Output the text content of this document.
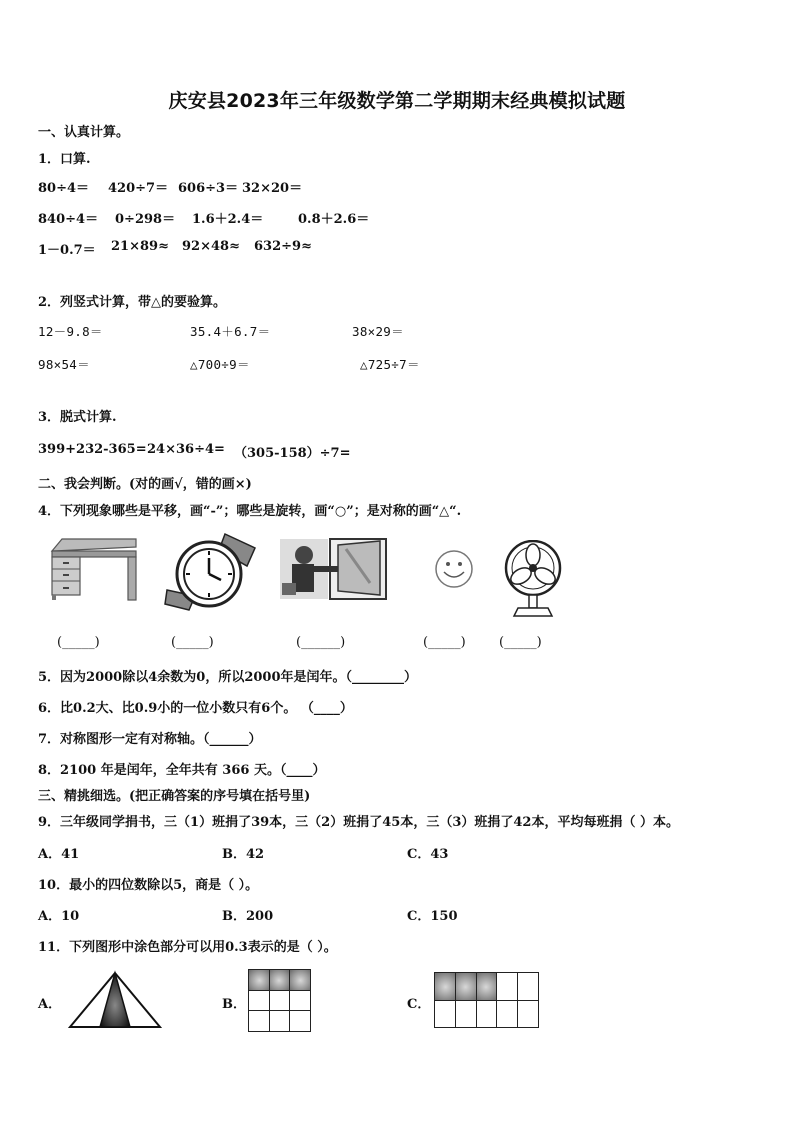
庆安县2023年三年级数学第二学期期末经典模拟试题
一、认真计算。
1．口算.
80÷4＝ 420÷7＝ 606÷3＝ 32×20＝
840÷4＝ 0÷298＝ 1.6＋2.4＝	0.8＋2.6＝
1－0.7＝ 21×89≈ 92×48≈ 632÷9≈
2．列竖式计算，带△的要验算。
12－9.8＝	35.4＋6.7＝	38×29＝
98×54＝	△700÷9＝	△725÷7＝
3．脱式计算.
399+232-365= 24×36÷4= （305-158）÷7=
二、我会判断。(对的画√，错的画×)
4．下列现象哪些是平移，画“-”；哪些是旋转，画“○”；是对称的画“△“.
(_____)	(_____)	(______)	(_____)	(_____)
5．因为2000除以4余数为0，所以2000年是闰年。（________）
6．比0.2大、比0.9小的一位小数只有6个。 （____）
7．对称图形一定有对称轴。（______）
8．2100 年是闰年，全年共有 366 天。（____）
三、精挑细选。(把正确答案的序号填在括号里)
9．三年级同学捐书，三（1）班捐了39本，三（2）班捐了45本，三（3）班捐了42本，平均每班捐（ ）本。
A．41	B．42	C．43
10．最小的四位数除以5，商是（ ）。
A．10	B．200	C．150
11．下列图形中涂色部分可以用0.3表示的是（ ）。
A．	B．	C．
